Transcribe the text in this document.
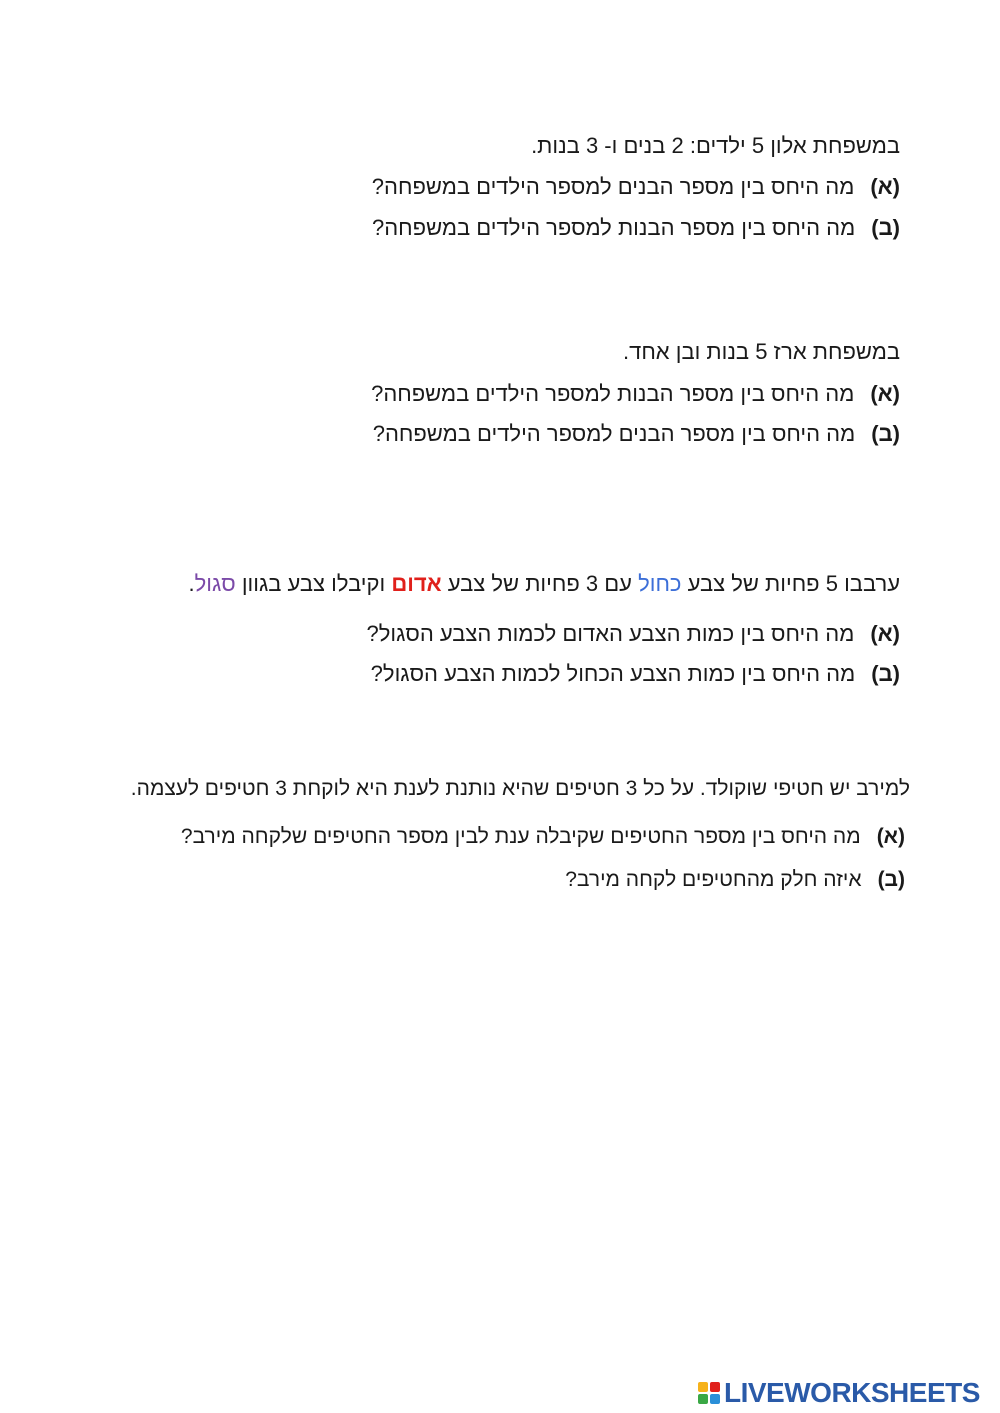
במשפחת אלון 5 ילדים: 2 בנים ו- 3 בנות.
(א)מה היחס בין מספר הבנים למספר הילדים במשפחה?
(ב)מה היחס בין מספר הבנות למספר הילדים במשפחה?
במשפחת ארז 5 בנות ובן אחד.
(א)מה היחס בין מספר הבנות למספר הילדים במשפחה?
(ב)מה היחס בין מספר הבנים למספר הילדים במשפחה?
ערבבו 5 פחיות של צבע כחול עם 3 פחיות של צבע אדום וקיבלו צבע בגוון סגול.
(א)מה היחס בין כמות הצבע האדום לכמות הצבע הסגול?
(ב)מה היחס בין כמות הצבע הכחול לכמות הצבע הסגול?
למירב יש חטיפי שוקולד. על כל 3 חטיפים שהיא נותנת לענת היא לוקחת 3 חטיפים לעצמה.
(א)מה היחס בין מספר החטיפים שקיבלה ענת לבין מספר החטיפים שלקחה מירב?
(ב)איזה חלק מהחטיפים לקחה מירב?
LIVEWORKSHEETS
